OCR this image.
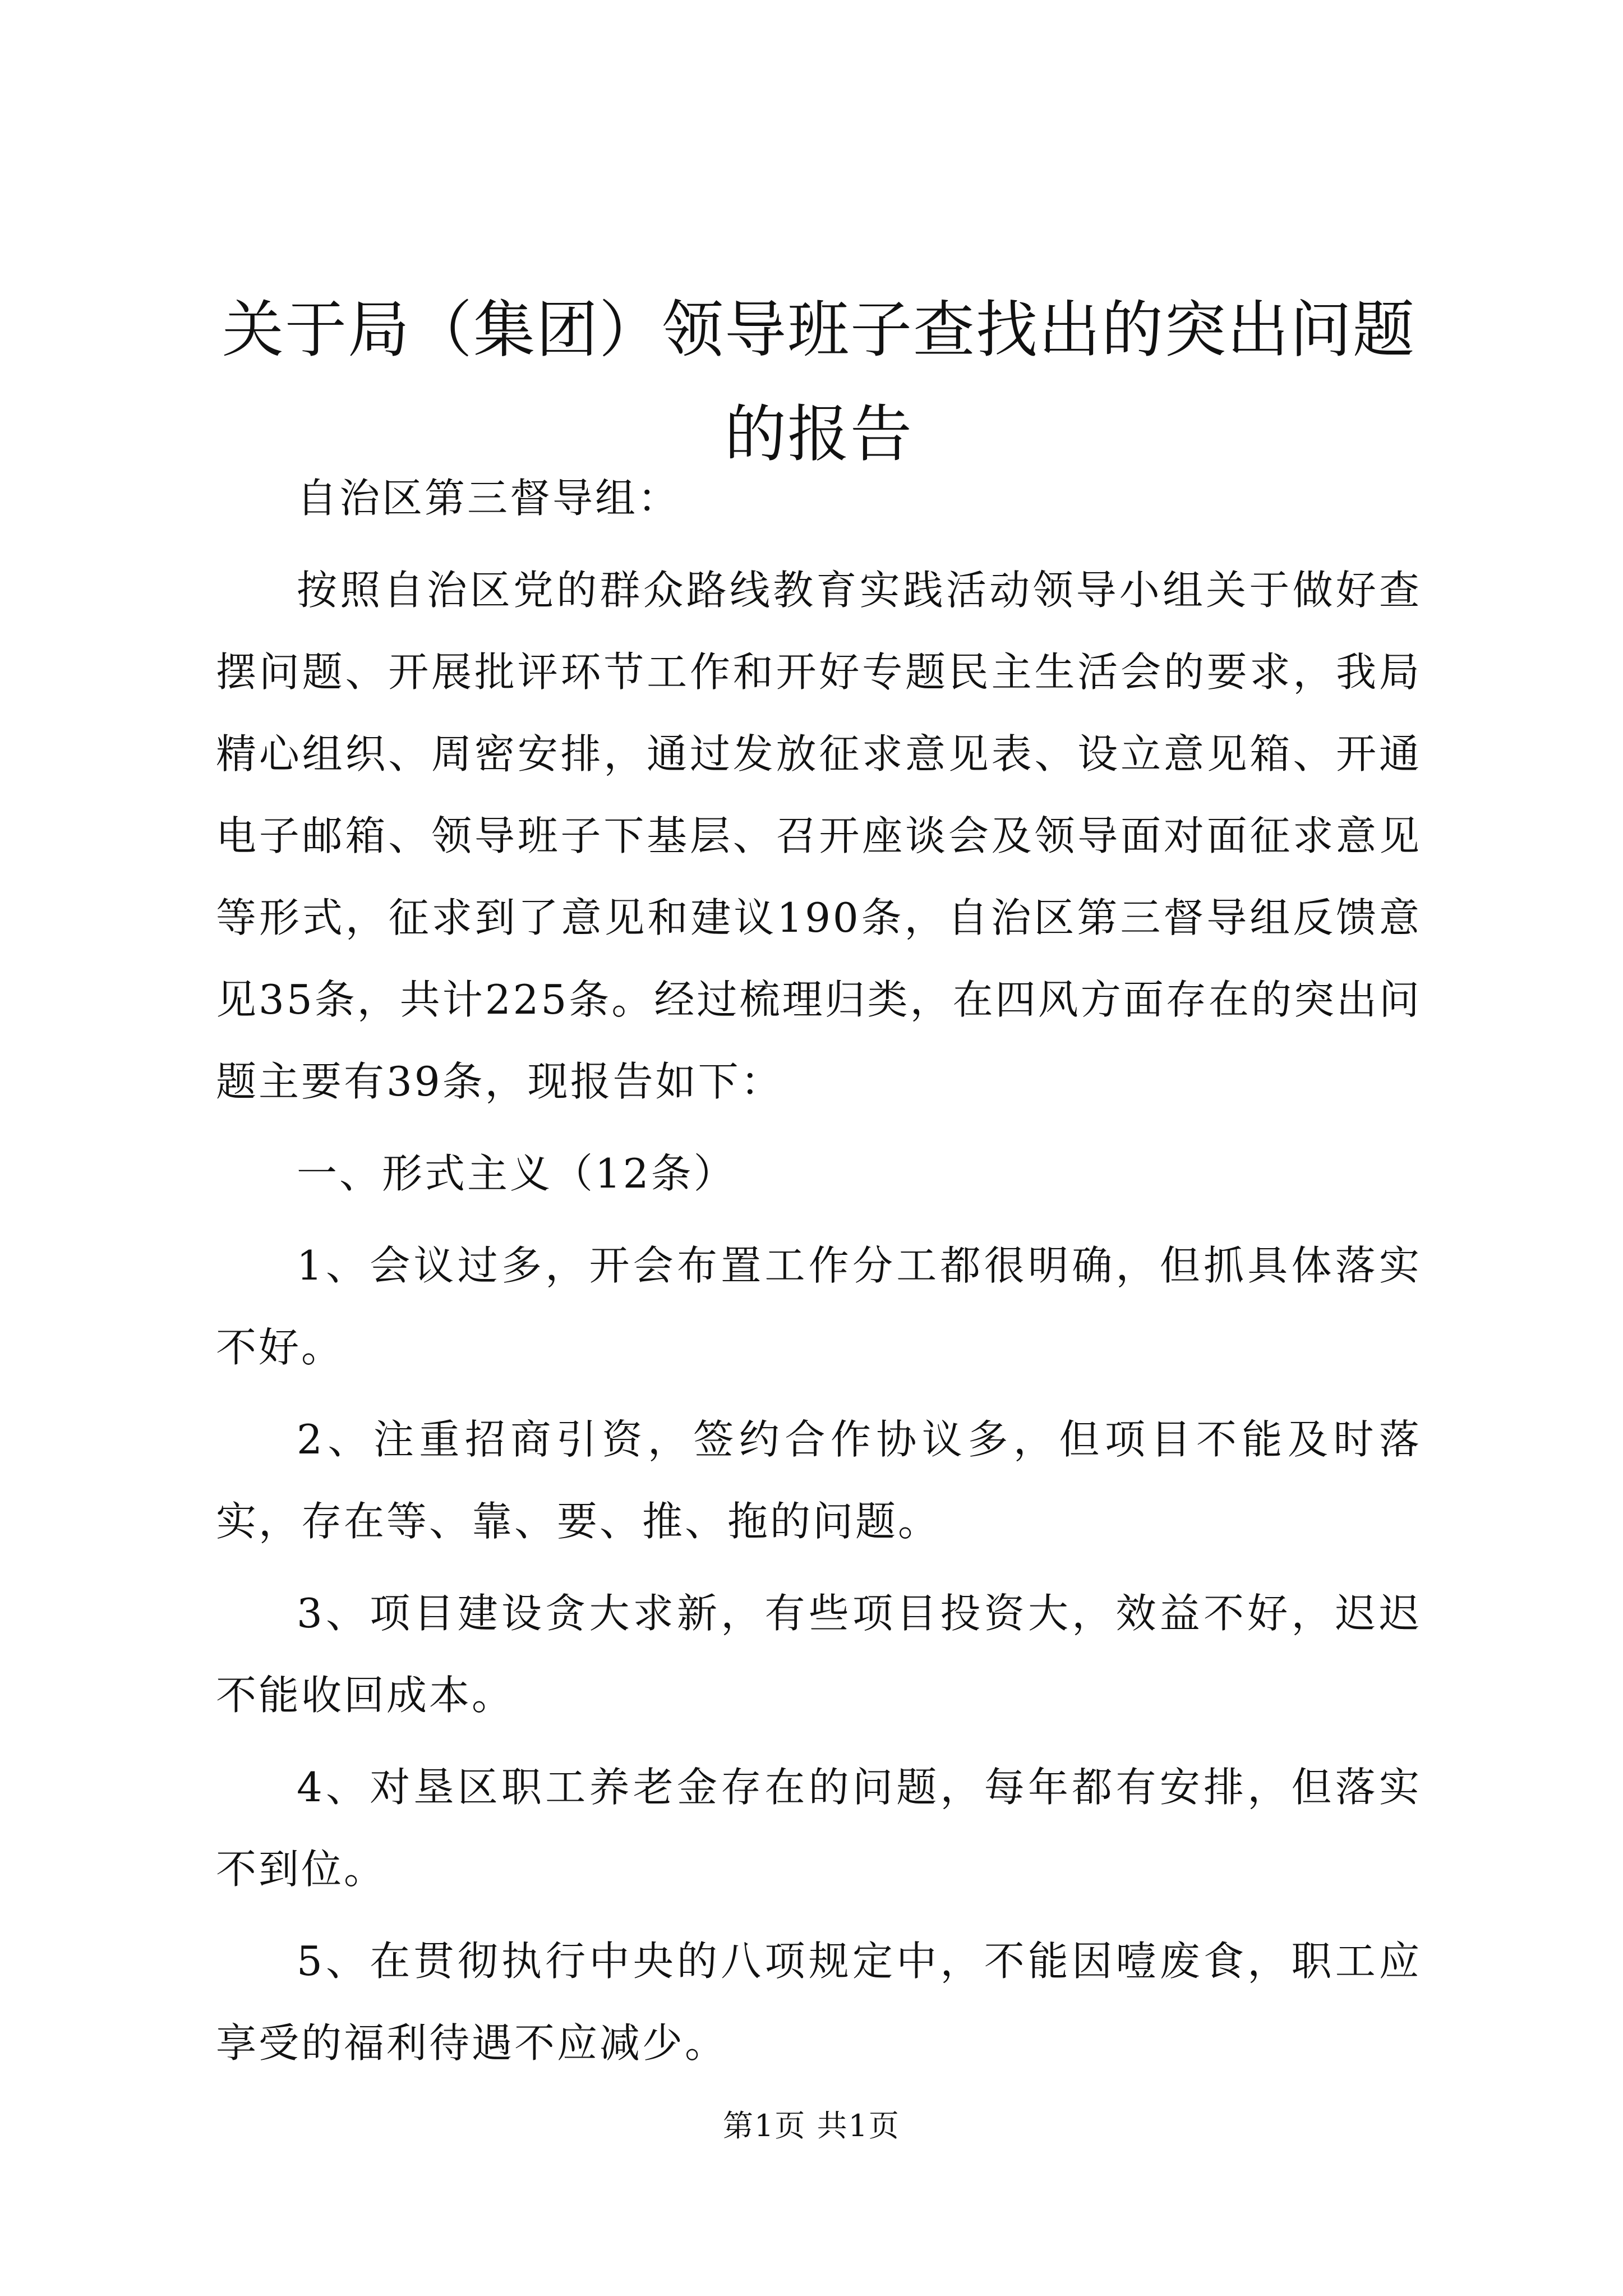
关于局（集团）领导班子查找出的突出问题的报告

自治区第三督导组：

按照自治区党的群众路线教育实践活动领导小组关于做好查摆问题、开展批评环节工作和开好专题民主生活会的要求，我局精心组织、周密安排，通过发放征求意见表、设立意见箱、开通电子邮箱、领导班子下基层、召开座谈会及领导面对面征求意见等形式，征求到了意见和建议190条，自治区第三督导组反馈意见35条，共计225条。经过梳理归类，在四风方面存在的突出问题主要有39条，现报告如下：

一、形式主义（12条）

1、会议过多，开会布置工作分工都很明确，但抓具体落实不好。

2、注重招商引资，签约合作协议多，但项目不能及时落实，存在等、靠、要、推、拖的问题。

3、项目建设贪大求新，有些项目投资大，效益不好，迟迟不能收回成本。

4、对垦区职工养老金存在的问题，每年都有安排，但落实不到位。

5、在贯彻执行中央的八项规定中，不能因噎废食，职工应享受的福利待遇不应减少。

第1页 共1页
